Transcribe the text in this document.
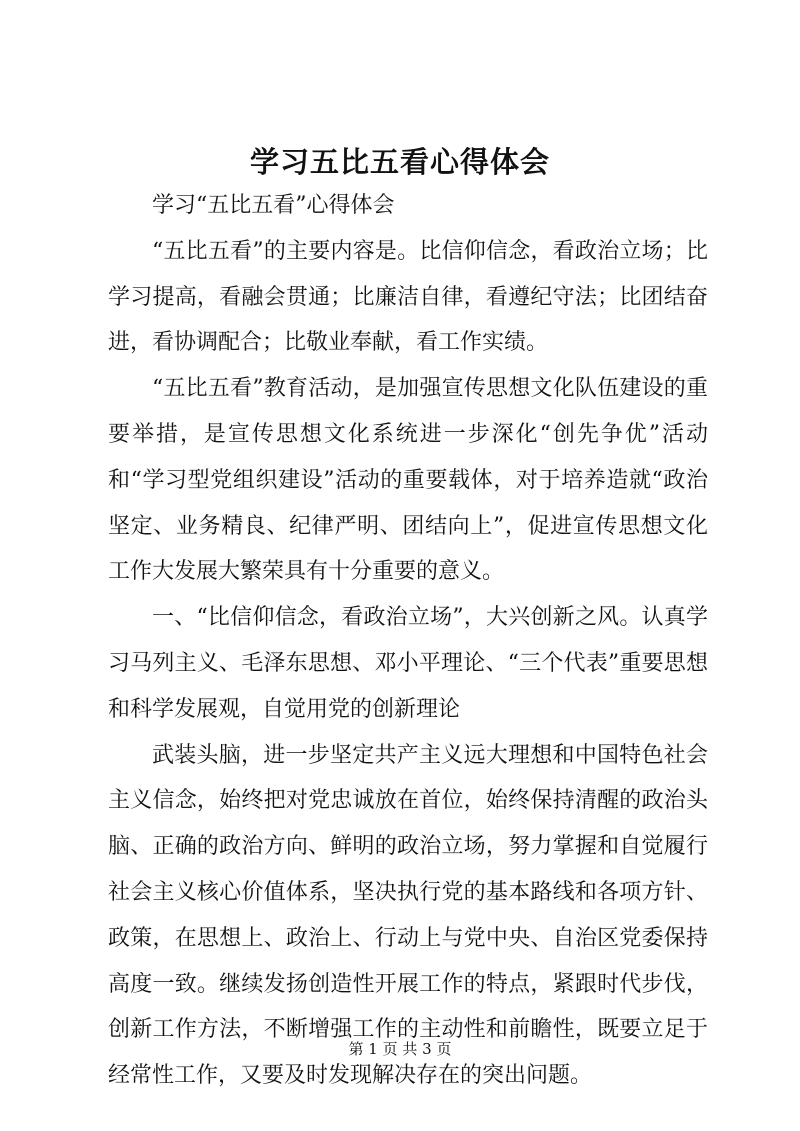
学习五比五看心得体会

学习“五比五看”心得体会

“五比五看”的主要内容是。比信仰信念，看政治立场；比学习提高，看融会贯通；比廉洁自律，看遵纪守法；比团结奋进，看协调配合；比敬业奉献，看工作实绩。

“五比五看”教育活动，是加强宣传思想文化队伍建设的重要举措，是宣传思想文化系统进一步深化“创先争优”活动和“学习型党组织建设”活动的重要载体，对于培养造就“政治坚定、业务精良、纪律严明、团结向上”，促进宣传思想文化工作大发展大繁荣具有十分重要的意义。

一、“比信仰信念，看政治立场”，大兴创新之风。认真学习马列主义、毛泽东思想、邓小平理论、“三个代表”重要思想和科学发展观，自觉用党的创新理论

武装头脑，进一步坚定共产主义远大理想和中国特色社会主义信念，始终把对党忠诚放在首位，始终保持清醒的政治头脑、正确的政治方向、鲜明的政治立场，努力掌握和自觉履行社会主义核心价值体系，坚决执行党的基本路线和各项方针、政策，在思想上、政治上、行动上与党中央、自治区党委保持高度一致。继续发扬创造性开展工作的特点，紧跟时代步伐，创新工作方法，不断增强工作的主动性和前瞻性，既要立足于经常性工作，又要及时发现解决存在的突出问题。

第 1 页 共 3 页
